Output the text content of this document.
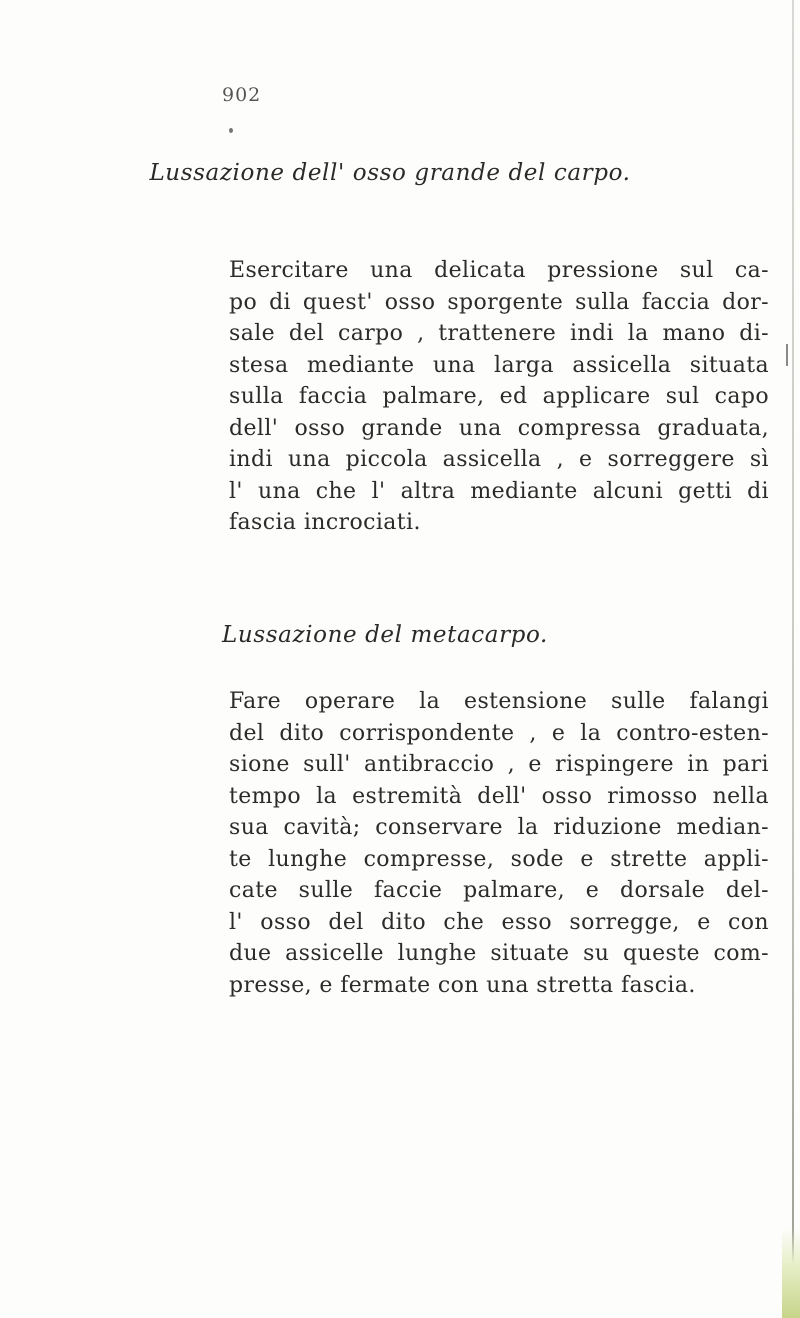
902
Lussazione dell' osso grande del carpo.
Esercitare una delicata pressione sul ca-
po di quest' osso sporgente sulla faccia dor-
sale del carpo , trattenere indi la mano di-
stesa mediante una larga assicella situata
sulla faccia palmare, ed applicare sul capo
dell' osso grande una compressa graduata,
indi una piccola assicella , e sorreggere sì
l' una che l' altra mediante alcuni getti di
fascia incrociati.
Lussazione del metacarpo.
Fare operare la estensione sulle falangi
del dito corrispondente , e la contro-esten-
sione sull' antibraccio , e rispingere in pari
tempo la estremità dell' osso rimosso nella
sua cavità; conservare la riduzione median-
te lunghe compresse, sode e strette appli-
cate sulle faccie palmare, e dorsale del-
l' osso del dito che esso sorregge, e con
due assicelle lunghe situate su queste com-
presse, e fermate con una stretta fascia.
